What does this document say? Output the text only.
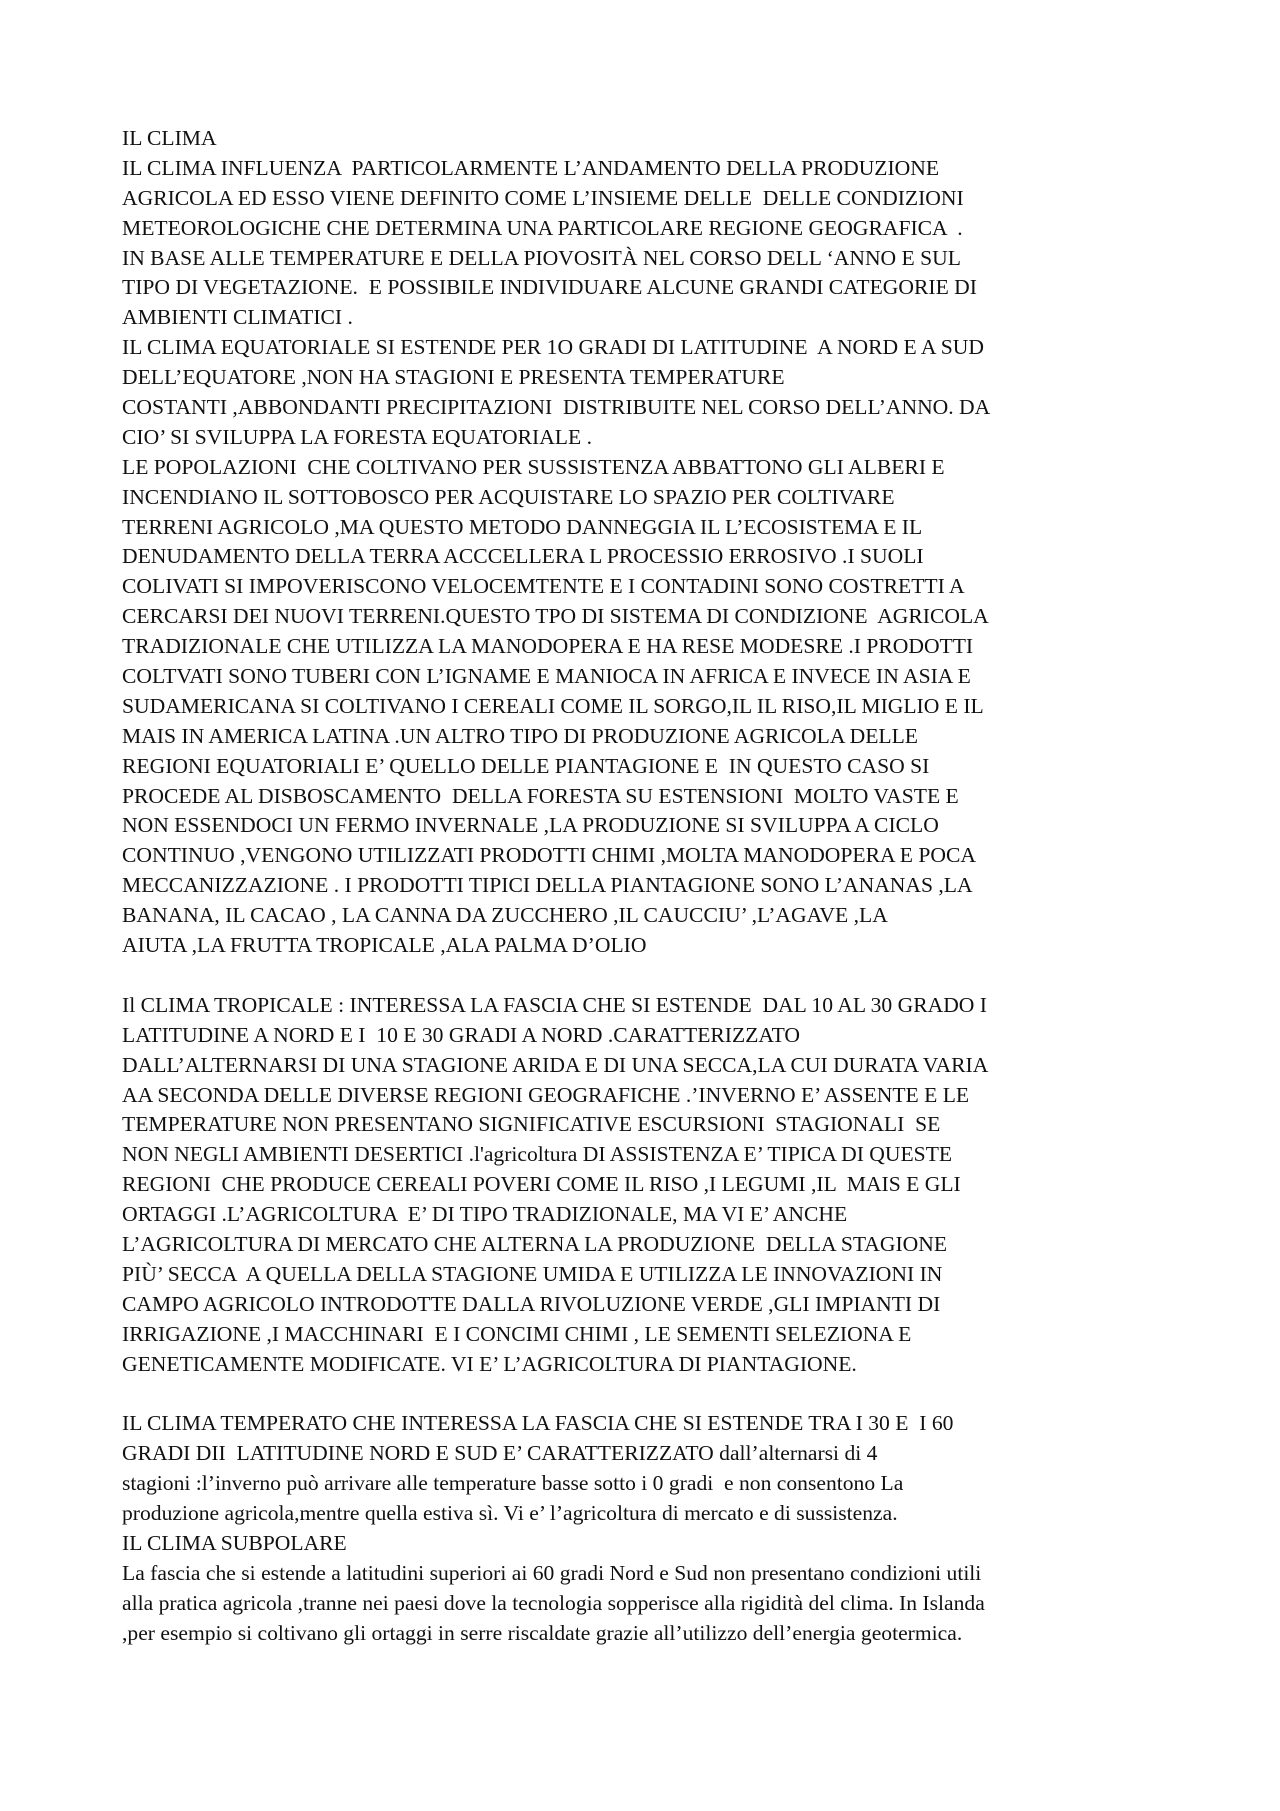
IL CLIMA
IL CLIMA INFLUENZA  PARTICOLARMENTE L’ANDAMENTO DELLA PRODUZIONE
AGRICOLA ED ESSO VIENE DEFINITO COME L’INSIEME DELLE  DELLE CONDIZIONI
METEOROLOGICHE CHE DETERMINA UNA PARTICOLARE REGIONE GEOGRAFICA  .
IN BASE ALLE TEMPERATURE E DELLA PIOVOSITÀ NEL CORSO DELL ‘ANNO E SUL
TIPO DI VEGETAZIONE.  E POSSIBILE INDIVIDUARE ALCUNE GRANDI CATEGORIE DI
AMBIENTI CLIMATICI .
IL CLIMA EQUATORIALE SI ESTENDE PER 1O GRADI DI LATITUDINE  A NORD E A SUD
DELL’EQUATORE ,NON HA STAGIONI E PRESENTA TEMPERATURE
COSTANTI ,ABBONDANTI PRECIPITAZIONI  DISTRIBUITE NEL CORSO DELL’ANNO. DA
CIO’ SI SVILUPPA LA FORESTA EQUATORIALE .
LE POPOLAZIONI  CHE COLTIVANO PER SUSSISTENZA ABBATTONO GLI ALBERI E
INCENDIANO IL SOTTOBOSCO PER ACQUISTARE LO SPAZIO PER COLTIVARE
TERRENI AGRICOLO ,MA QUESTO METODO DANNEGGIA IL L’ECOSISTEMA E IL
DENUDAMENTO DELLA TERRA ACCCELLERA L PROCESSIO ERROSIVO .I SUOLI
COLIVATI SI IMPOVERISCONO VELOCEMTENTE E I CONTADINI SONO COSTRETTI A
CERCARSI DEI NUOVI TERRENI.QUESTO TPO DI SISTEMA DI CONDIZIONE  AGRICOLA
TRADIZIONALE CHE UTILIZZA LA MANODOPERA E HA RESE MODESRE .I PRODOTTI
COLTVATI SONO TUBERI CON L’IGNAME E MANIOCA IN AFRICA E INVECE IN ASIA E
SUDAMERICANA SI COLTIVANO I CEREALI COME IL SORGO,IL IL RISO,IL MIGLIO E IL
MAIS IN AMERICA LATINA .UN ALTRO TIPO DI PRODUZIONE AGRICOLA DELLE
REGIONI EQUATORIALI E’ QUELLO DELLE PIANTAGIONE E  IN QUESTO CASO SI
PROCEDE AL DISBOSCAMENTO  DELLA FORESTA SU ESTENSIONI  MOLTO VASTE E
NON ESSENDOCI UN FERMO INVERNALE ,LA PRODUZIONE SI SVILUPPA A CICLO
CONTINUO ,VENGONO UTILIZZATI PRODOTTI CHIMI ,MOLTA MANODOPERA E POCA
MECCANIZZAZIONE . I PRODOTTI TIPICI DELLA PIANTAGIONE SONO L’ANANAS ,LA
BANANA, IL CACAO , LA CANNA DA ZUCCHERO ,IL CAUCCIU’ ,L’AGAVE ,LA
AIUTA ,LA FRUTTA TROPICALE ,ALA PALMA D’OLIO
Il CLIMA TROPICALE : INTERESSA LA FASCIA CHE SI ESTENDE  DAL 10 AL 30 GRADO I
LATITUDINE A NORD E I  10 E 30 GRADI A NORD .CARATTERIZZATO
DALL’ALTERNARSI DI UNA STAGIONE ARIDA E DI UNA SECCA,LA CUI DURATA VARIA
AA SECONDA DELLE DIVERSE REGIONI GEOGRAFICHE .’INVERNO E’ ASSENTE E LE
TEMPERATURE NON PRESENTANO SIGNIFICATIVE ESCURSIONI  STAGIONALI  SE
NON NEGLI AMBIENTI DESERTICI .l'agricoltura DI ASSISTENZA E’ TIPICA DI QUESTE
REGIONI  CHE PRODUCE CEREALI POVERI COME IL RISO ,I LEGUMI ,IL  MAIS E GLI
ORTAGGI .L’AGRICOLTURA  E’ DI TIPO TRADIZIONALE, MA VI E’ ANCHE
L’AGRICOLTURA DI MERCATO CHE ALTERNA LA PRODUZIONE  DELLA STAGIONE
PIÙ’ SECCA  A QUELLA DELLA STAGIONE UMIDA E UTILIZZA LE INNOVAZIONI IN
CAMPO AGRICOLO INTRODOTTE DALLA RIVOLUZIONE VERDE ,GLI IMPIANTI DI
IRRIGAZIONE ,I MACCHINARI  E I CONCIMI CHIMI , LE SEMENTI SELEZIONA E
GENETICAMENTE MODIFICATE. VI E’ L’AGRICOLTURA DI PIANTAGIONE.
IL CLIMA TEMPERATO CHE INTERESSA LA FASCIA CHE SI ESTENDE TRA I 30 E  I 60
GRADI DII  LATITUDINE NORD E SUD E’ CARATTERIZZATO dall’alternarsi di 4
stagioni :l’inverno può arrivare alle temperature basse sotto i 0 gradi  e non consentono La
produzione agricola,mentre quella estiva sì. Vi e’ l’agricoltura di mercato e di sussistenza.
IL CLIMA SUBPOLARE
La fascia che si estende a latitudini superiori ai 60 gradi Nord e Sud non presentano condizioni utili
alla pratica agricola ,tranne nei paesi dove la tecnologia sopperisce alla rigidità del clima. In Islanda
,per esempio si coltivano gli ortaggi in serre riscaldate grazie all’utilizzo dell’energia geotermica.
